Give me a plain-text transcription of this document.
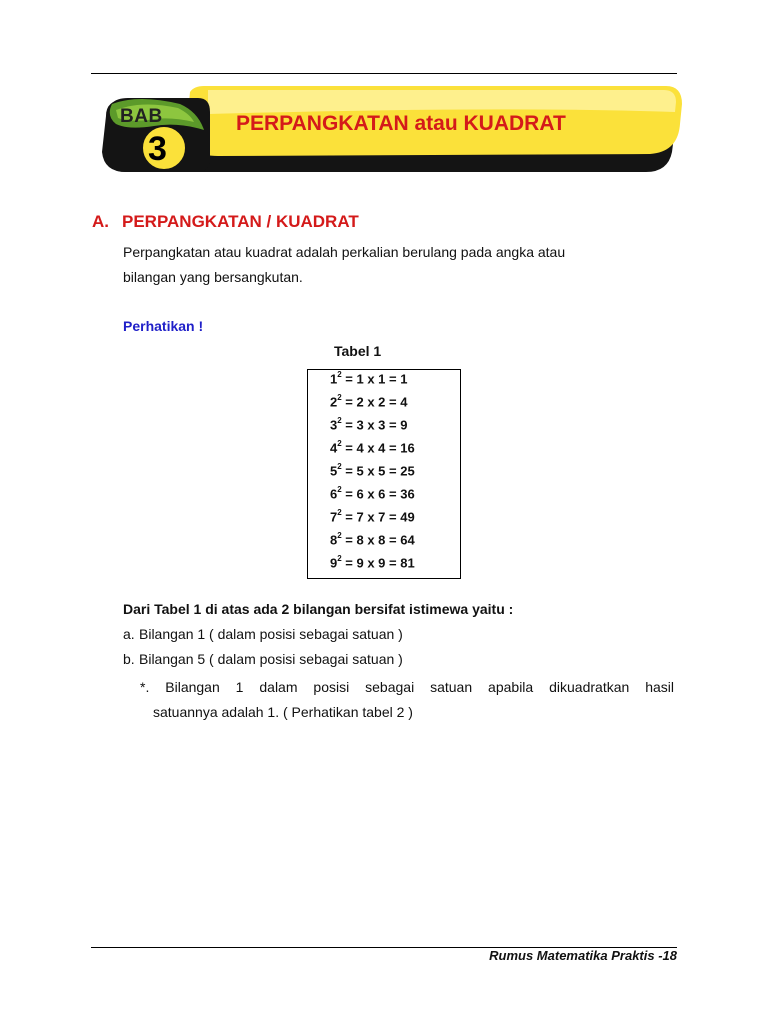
BAB
3
PERPANGKATAN atau KUADRAT
A. PERPANGKATAN / KUADRAT
Perpangkatan atau kuadrat adalah perkalian berulang pada angka atau
bilangan yang bersangkutan.
Perhatikan !
Tabel 1
$1^2 = 1$ x 1 = 1
$2^2 = 2$ x 2 = 4
$3^2 = 3$ x 3 = 9
$4^2 = 4$ x 4 = 16
$5^2 = 5$ x 5 = 25
$6^2 = 6$ x 6 = 36
$7^2 = 7$ x 7 = 49
$8^2 = 8$ x 8 = 64
$9^2 = 9$ x 9 = 81
Dari Tabel 1 di atas ada 2 bilangan bersifat istimewa yaitu :
a. Bilangan 1 ( dalam posisi sebagai satuan )
b. Bilangan 5 ( dalam posisi sebagai satuan )
*. Bilangan 1 dalam posisi sebagai satuan apabila dikuadratkan hasil
satuannya adalah 1. ( Perhatikan tabel 2 )
Rumus Matematika Praktis -18
